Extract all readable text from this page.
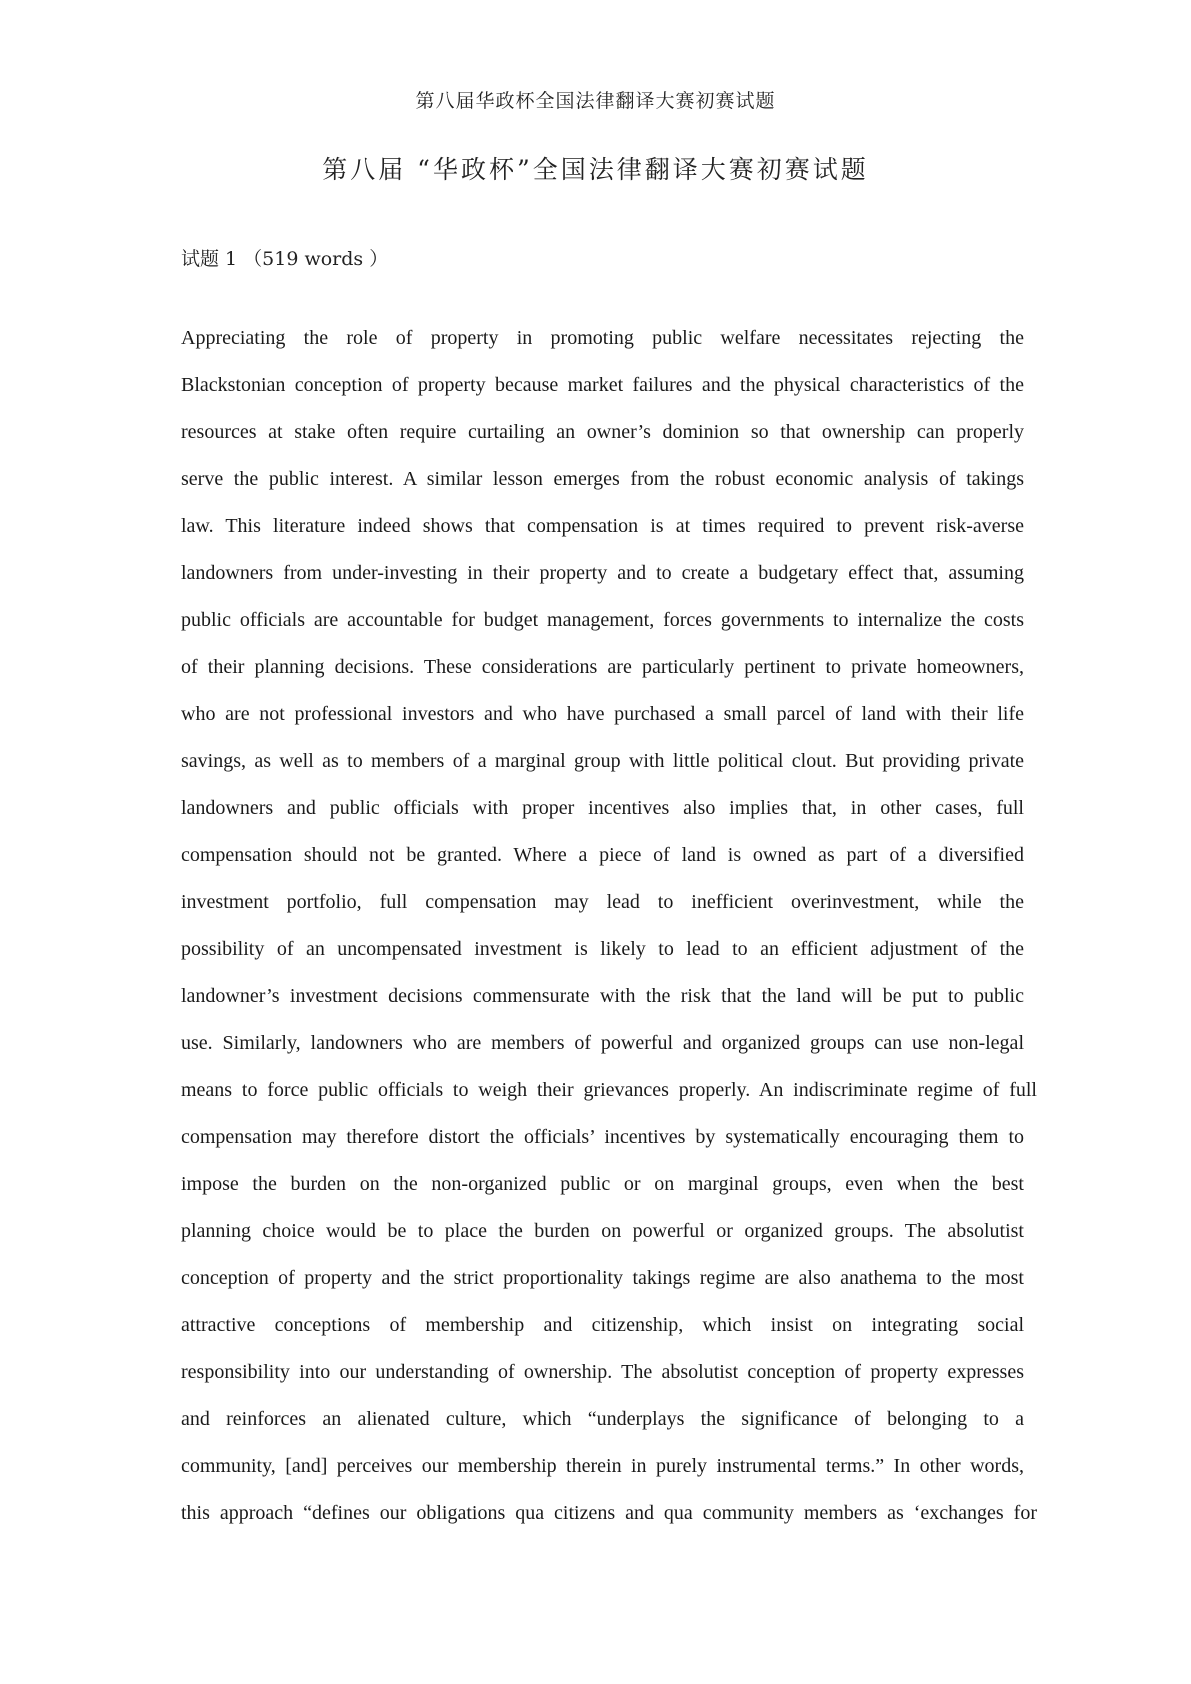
第八届华政杯全国法律翻译大赛初赛试题
第八届 “华政杯”全国法律翻译大赛初赛试题
试题 1 （519 words ）
Appreciating the role of property in promoting public welfare necessitates rejecting the
Blackstonian conception of property because market failures and the physical characteristics of the
resources at stake often require curtailing an owner’s dominion so that ownership can properly
serve the public interest. A similar lesson emerges from the robust economic analysis of takings
law. This literature indeed shows that compensation is at times required to prevent risk-averse
landowners from under-investing in their property and to create a budgetary effect that, assuming
public officials are accountable for budget management, forces governments to internalize the costs
of their planning decisions. These considerations are particularly pertinent to private homeowners,
who are not professional investors and who have purchased a small parcel of land with their life
savings, as well as to members of a marginal group with little political clout. But providing private
landowners and public officials with proper incentives also implies that, in other cases, full
compensation should not be granted. Where a piece of land is owned as part of a diversified
investment portfolio, full compensation may lead to inefficient overinvestment, while the
possibility of an uncompensated investment is likely to lead to an efficient adjustment of the
landowner’s investment decisions commensurate with the risk that the land will be put to public
use. Similarly, landowners who are members of powerful and organized groups can use non-legal
means to force public officials to weigh their grievances properly. An indiscriminate regime of full
compensation may therefore distort the officials’ incentives by systematically encouraging them to
impose the burden on the non-organized public or on marginal groups, even when the best
planning choice would be to place the burden on powerful or organized groups. The absolutist
conception of property and the strict proportionality takings regime are also anathema to the most
attractive conceptions of membership and citizenship, which insist on integrating social
responsibility into our understanding of ownership. The absolutist conception of property expresses
and reinforces an alienated culture, which “underplays the significance of belonging to a
community, [and] perceives our membership therein in purely instrumental terms.” In other words,
this approach “defines our obligations qua citizens and qua community members as ‘exchanges for
